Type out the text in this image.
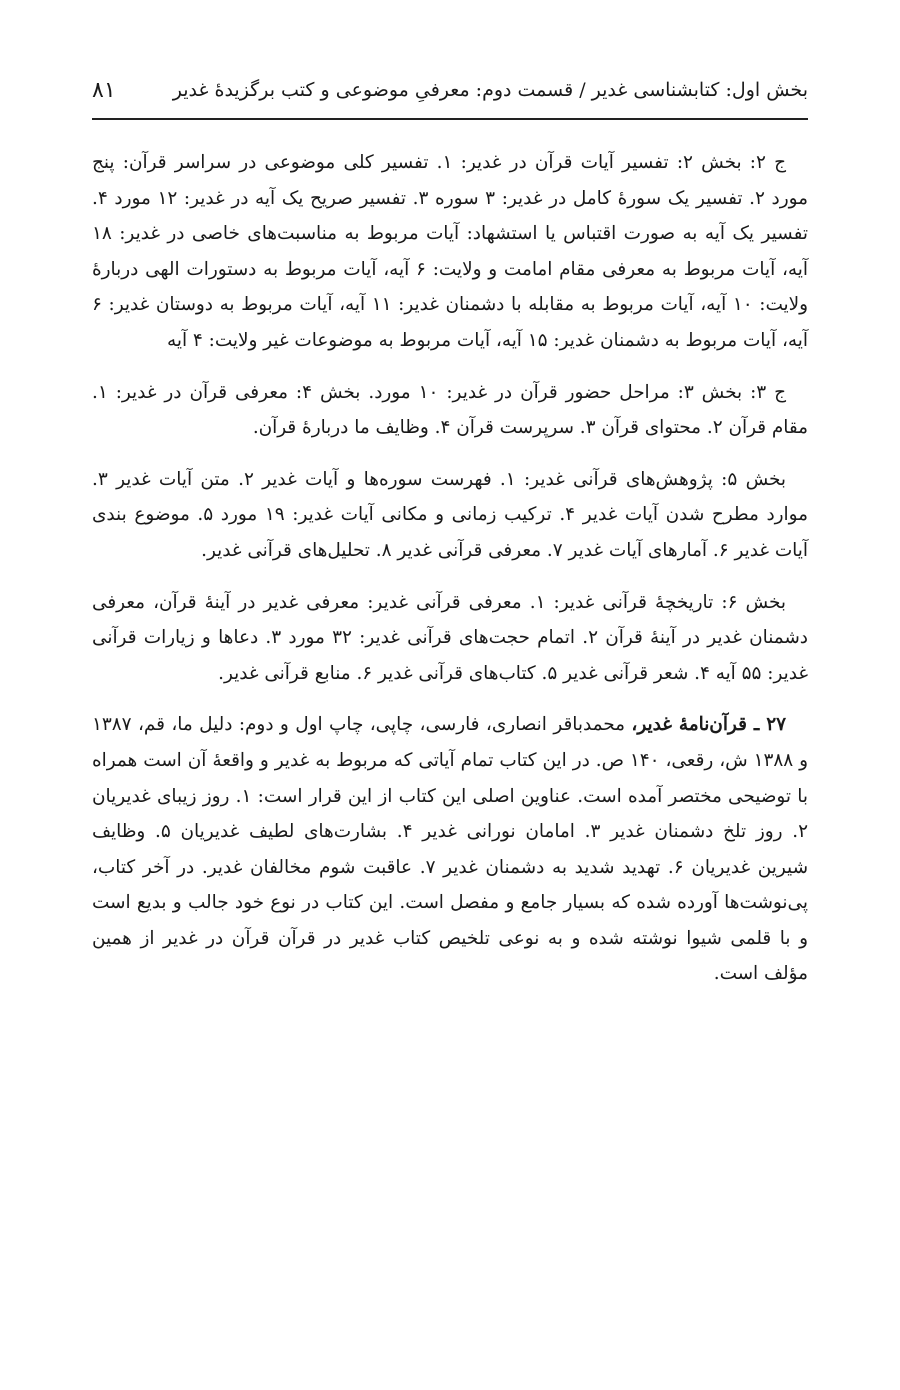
بخش اول: کتابشناسی غدیر / قسمت دوم: معرفیِ موضوعی و کتب برگزیدۀ غدیر
۸۱

ج ۲: بخش ۲: تفسیر آیات قرآن در غدیر: ۱. تفسیر کلی موضوعی در سراسر قرآن: پنج مورد ۲. تفسیر یک سورۀ کامل در غدیر: ۳ سوره ۳. تفسیر صریح یک آیه در غدیر: ۱۲ مورد ۴. تفسیر یک آیه به صورت اقتباس یا استشهاد: آیات مربوط به مناسبت‌های خاصی در غدیر: ۱۸ آیه، آیات مربوط به معرفی مقام امامت و ولایت: ۶ آیه، آیات مربوط به دستورات الهی دربارۀ ولایت: ۱۰ آیه، آیات مربوط به مقابله با دشمنان غدیر: ۱۱ آیه، آیات مربوط به دوستان غدیر: ۶ آیه، آیات مربوط به دشمنان غدیر: ۱۵ آیه، آیات مربوط به موضوعات غیر ولایت: ۴ آیه

ج ۳: بخش ۳: مراحل حضور قرآن در غدیر: ۱۰ مورد. بخش ۴: معرفی قرآن در غدیر: ۱. مقام قرآن ۲. محتوای قرآن ۳. سرپرست قرآن ۴. وظایف ما دربارۀ قرآن.

بخش ۵: پژوهش‌های قرآنی غدیر: ۱. فهرست سوره‌ها و آیات غدیر ۲. متن آیات غدیر ۳. موارد مطرح شدن آیات غدیر ۴. ترکیب زمانی و مکانی آیات غدیر: ۱۹ مورد ۵. موضوع بندی آیات غدیر ۶. آمارهای آیات غدیر ۷. معرفی قرآنی غدیر ۸. تحلیل‌های قرآنی غدیر.

بخش ۶: تاریخچۀ قرآنی غدیر: ۱. معرفی قرآنی غدیر: معرفی غدیر در آینۀ قرآن، معرفی دشمنان غدیر در آینۀ قرآن ۲. اتمام حجت‌های قرآنی غدیر: ۳۲ مورد ۳. دعاها و زیارات قرآنی غدیر: ۵۵ آیه ۴. شعر قرآنی غدیر ۵. کتاب‌های قرآنی غدیر ۶. منابع قرآنی غدیر.

۲۷ ـ قرآن‌نامۀ غدیر، محمدباقر انصاری، فارسی، چاپی، چاپ اول و دوم: دلیل ما، قم، ۱۳۸۷ و ۱۳۸۸ ش، رقعی، ۱۴۰ ص. در این کتاب تمام آیاتی که مربوط به غدیر و واقعۀ آن است همراه با توضیحی مختصر آمده است. عناوین اصلی این کتاب از این قرار است: ۱. روز زیبای غدیریان ۲. روز تلخ دشمنان غدیر ۳. امامان نورانی غدیر ۴. بشارت‌های لطیف غدیریان ۵. وظایف شیرین غدیریان ۶. تهدید شدید به دشمنان غدیر ۷. عاقبت شوم مخالفان غدیر. در آخر کتاب، پی‌نوشت‌ها آورده شده که بسیار جامع و مفصل است. این کتاب در نوع خود جالب و بدیع است و با قلمی شیوا نوشته شده و به نوعی تلخیص کتاب غدیر در قرآن قرآن در غدیر از همین مؤلف است.
